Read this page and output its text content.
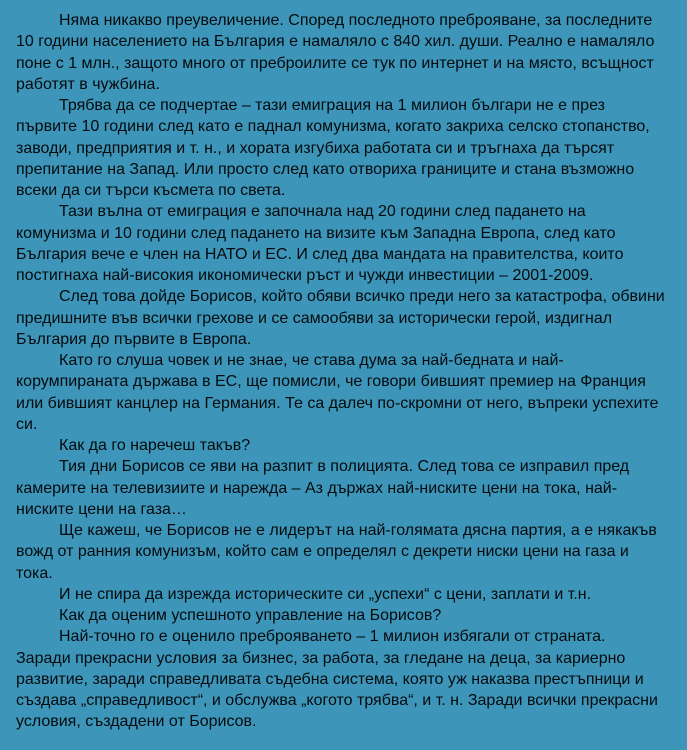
Няма никакво преувеличение. Според последното преброяване, за последните 10 години населението на България е намаляло с 840 хил. души. Реално е намаляло поне с 1 млн., защото много от преброилите се тук по интернет и на място, всъщност работят в чужбина.

Трябва да се подчертае – тази емиграция на 1 милион българи не е през първите 10 години след като е паднал комунизма, когато закриха селско стопанство, заводи, предприятия и т. н., и хората изгубиха работата си и тръгнаха да търсят препитание на Запад. Или просто след като отвориха границите и стана възможно всеки да си търси късмета по света.

Тази вълна от емиграция е започнала над 20 години след падането на комунизма и 10 години след падането на визите към Западна Европа, след като България вече е член на НАТО и ЕС. И след два мандата на правителства, които постигнаха най-високия икономически ръст и чужди инвестиции – 2001-2009.

След това дойде Борисов, който обяви всичко преди него за катастрофа, обвини предишните във всички грехове и се самообяви за исторически герой, издигнал България до първите в Европа.

Като го слуша човек и не знае, че става дума за най-бедната и най-корумпираната държава в ЕС, ще помисли, че говори бившият премиер на Франция или бившият канцлер на Германия. Те са далеч по-скромни от него, въпреки успехите си.

Как да го наречеш такъв?

Тия дни Борисов се яви на разпит в полицията. След това се изправил пред камерите на телевизиите и нарежда – Аз държах най-ниските цени на тока, най-ниските цени на газа…

Ще кажеш, че Борисов не е лидерът на най-голямата дясна партия, а е някакъв вожд от ранния комунизъм, който сам е определял с декрети ниски цени на газа и тока.

И не спира да изрежда историческите си „успехи“ с цени, заплати и т.н.

Как да оценим успешното управление на Борисов?

Най-точно го е оценило преброяването – 1 милион избягали от страната.

Заради прекрасни условия за бизнес, за работа, за гледане на деца, за кариерно развитие, заради справедливата съдебна система, която уж наказва престъпници и създава „справедливост“, и обслужва „когото трябва“, и т. н. Заради всички прекрасни условия, създадени от Борисов.
